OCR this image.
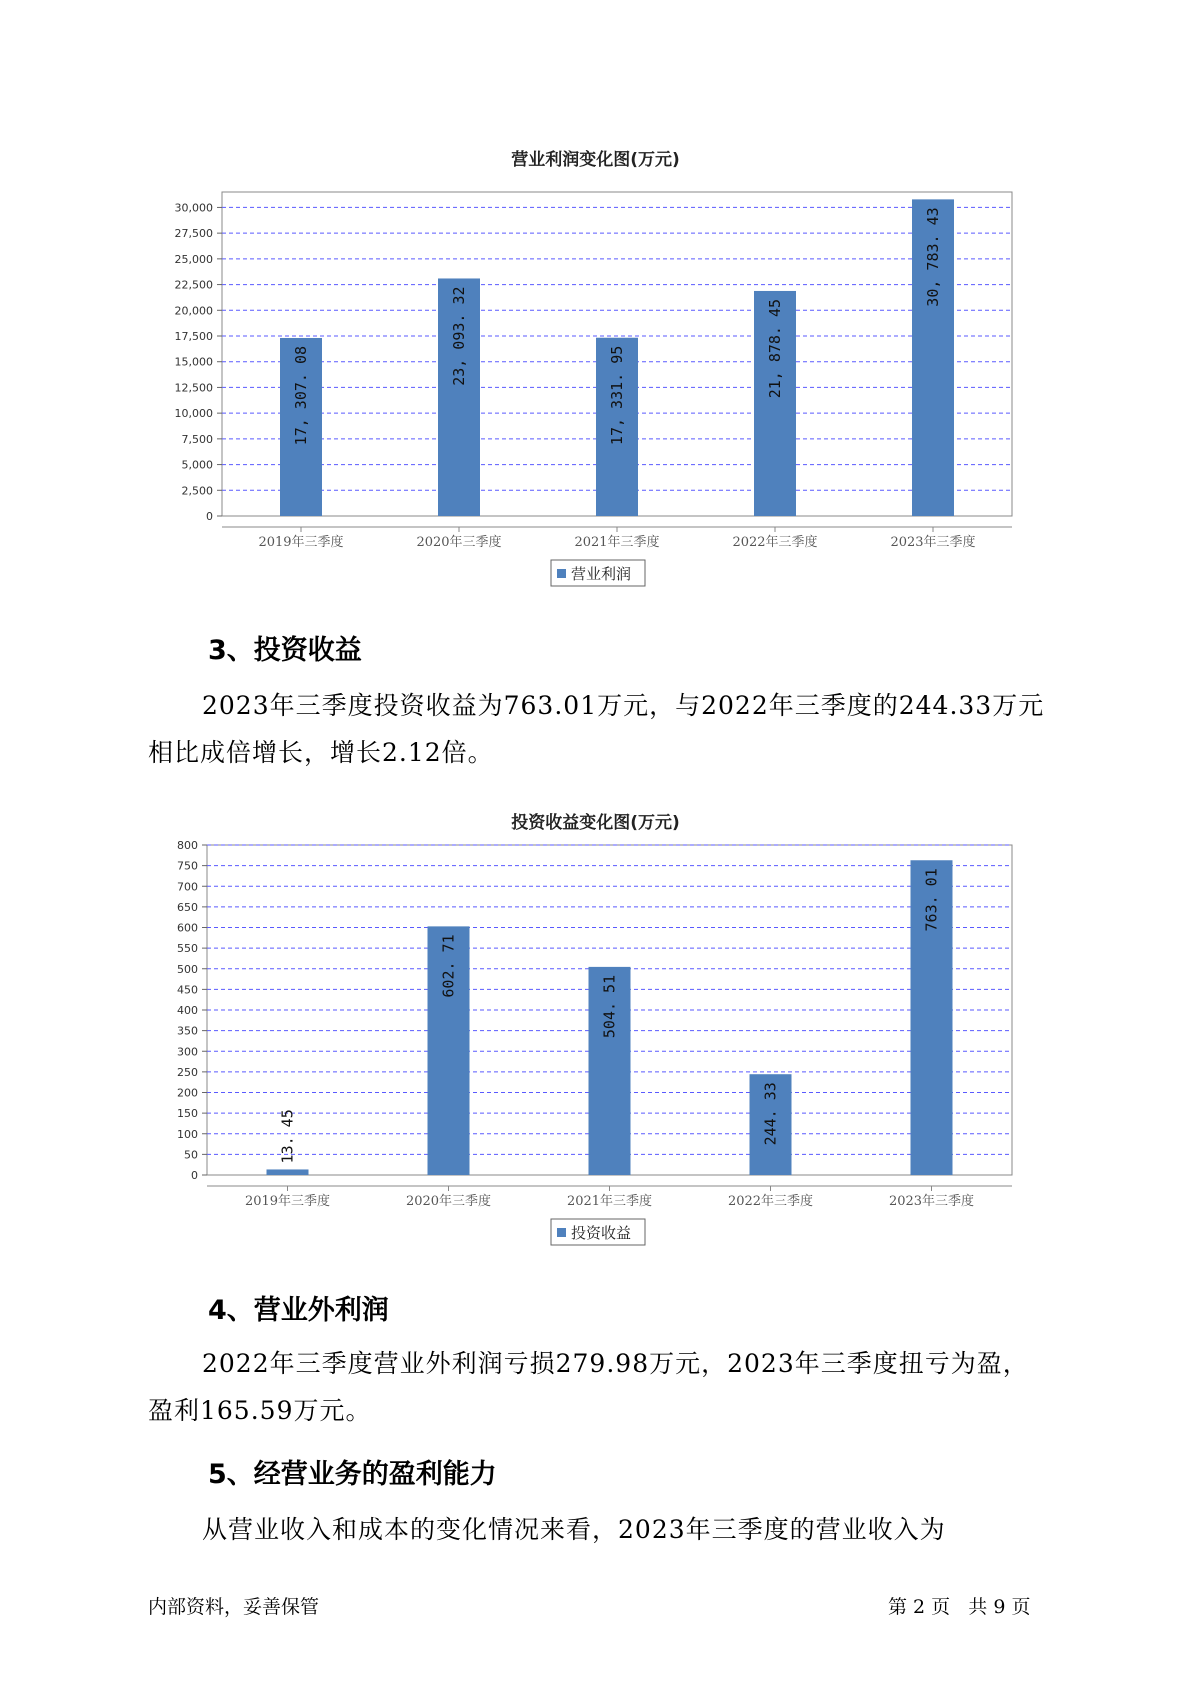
营业利润变化图(万元)
0
2,500
5,000
7,500
10,000
12,500
15,000
17,500
20,000
22,500
25,000
27,500
30,000
2019年三季度
17, 307. 08
2020年三季度
23, 093. 32
2021年三季度
17, 331. 95
2022年三季度
21, 878. 45
2023年三季度
30, 783. 43
营业利润
3、投资收益
2023年三季度投资收益为763.01万元，与2022年三季度的244.33万元
相比成倍增长，增长2.12倍。
投资收益变化图(万元)
0
50
100
150
200
250
300
350
400
450
500
550
600
650
700
750
800
2019年三季度
13. 45
2020年三季度
602. 71
2021年三季度
504. 51
2022年三季度
244. 33
2023年三季度
763. 01
投资收益
4、营业外利润
2022年三季度营业外利润亏损279.98万元，2023年三季度扭亏为盈，
盈利165.59万元。
5、经营业务的盈利能力
从营业收入和成本的变化情况来看，2023年三季度的营业收入为
内部资料，妥善保管	第 2 页   共 9 页
